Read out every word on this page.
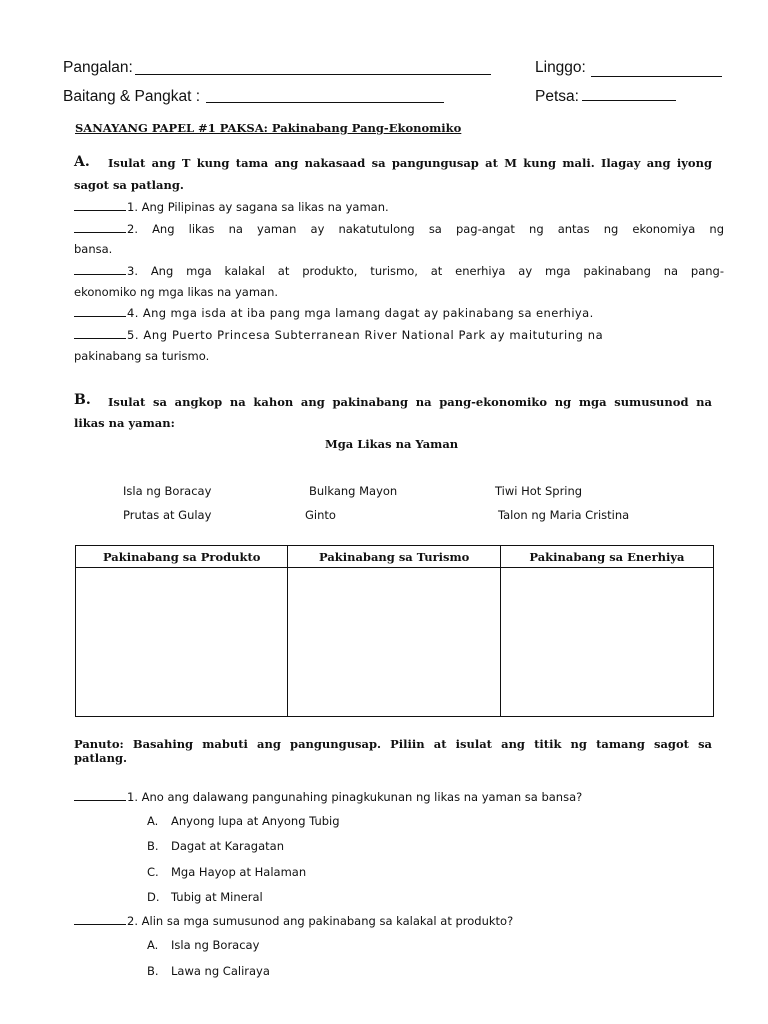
Pangalan:	Linggo:
Baitang & Pangkat :	Petsa:
SANAYANG PAPEL #1 PAKSA: Pakinabang Pang-Ekonomiko
A. Isulat ang T kung tama ang nakasaad sa pangungusap at M kung mali. Ilagay ang iyong
sagot sa patlang.
1. Ang Pilipinas ay sagana sa likas na yaman.
2. Ang likas na yaman ay nakatutulong sa pag-angat ng antas ng ekonomiya ng
bansa.
3. Ang mga kalakal at produkto, turismo, at enerhiya ay mga pakinabang na pang-
ekonomiko ng mga likas na yaman.
4. Ang mga isda at iba pang mga lamang dagat ay pakinabang sa enerhiya.
5. Ang Puerto Princesa Subterranean River National Park ay maituturing na
pakinabang sa turismo.
B. Isulat sa angkop na kahon ang pakinabang na pang-ekonomiko ng mga sumusunod na
likas na yaman:
Mga Likas na Yaman
Isla ng Boracay	Bulkang Mayon	Tiwi Hot Spring
Prutas at Gulay	Ginto	Talon ng Maria Cristina
Pakinabang sa Produkto	Pakinabang sa Turismo	Pakinabang sa Enerhiya

Panuto: Basahing mabuti ang pangungusap. Piliin at isulat ang titik ng tamang sagot sa
patlang.
1. Ano ang dalawang pangunahing pinagkukunan ng likas na yaman sa bansa?
A. Anyong lupa at Anyong Tubig
B. Dagat at Karagatan
C. Mga Hayop at Halaman
D. Tubig at Mineral
2. Alin sa mga sumusunod ang pakinabang sa kalakal at produkto?
A. Isla ng Boracay
B. Lawa ng Caliraya
